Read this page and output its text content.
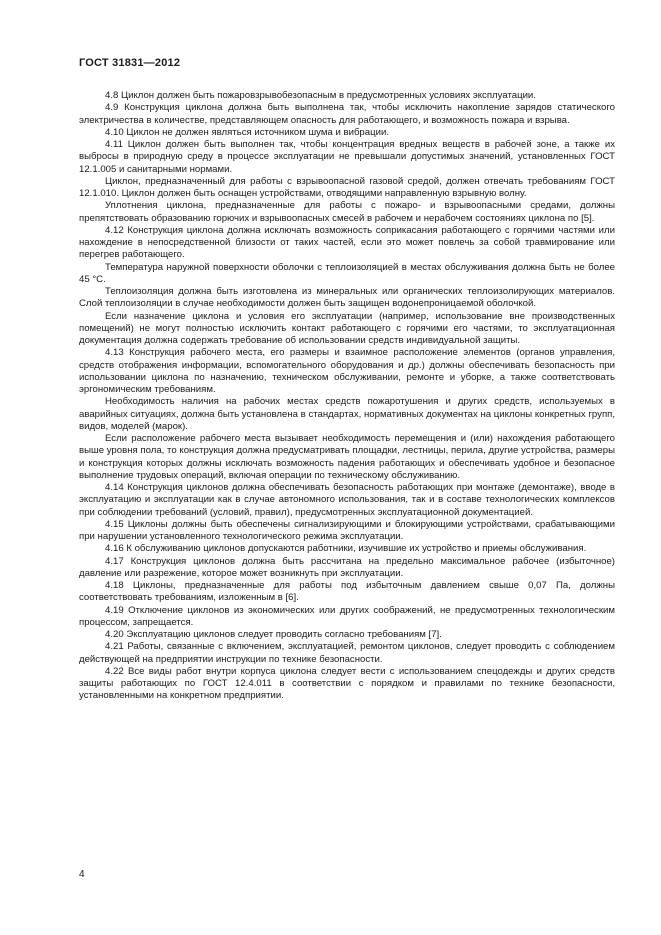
ГОСТ 31831—2012

4.8 Циклон должен быть пожаровзрывобезопасным в предусмотренных условиях эксплуатации.

4.9 Конструкция циклона должна быть выполнена так, чтобы исключить накопление зарядов статического электричества в количестве, представляющем опасность для работающего, и возможность пожара и взрыва.

4.10 Циклон не должен являться источником шума и вибрации.

4.11 Циклон должен быть выполнен так, чтобы концентрация вредных веществ в рабочей зоне, а также их выбросы в природную среду в процессе эксплуатации не превышали допустимых значений, установленных ГОСТ 12.1.005 и санитарными нормами.

Циклон, предназначенный для работы с взрывоопасной газовой средой, должен отвечать требованиям ГОСТ 12.1.010. Циклон должен быть оснащен устройствами, отводящими направленную взрывную волну.

Уплотнения циклона, предназначенные для работы с пожаро- и взрывоопасными средами, должны препятствовать образованию горючих и взрывоопасных смесей в рабочем и нерабочем состояниях циклона по [5].

4.12 Конструкция циклона должна исключать возможность соприкасания работающего с горячими частями или нахождение в непосредственной близости от таких частей, если это может повлечь за собой травмирование или перегрев работающего.

Температура наружной поверхности оболочки с теплоизоляцией в местах обслуживания должна быть не более 45 °С.

Теплоизоляция должна быть изготовлена из минеральных или органических теплоизолирующих материалов. Слой теплоизоляции в случае необходимости должен быть защищен водонепроницаемой оболочкой.

Если назначение циклона и условия его эксплуатации (например, использование вне производственных помещений) не могут полностью исключить контакт работающего с горячими его частями, то эксплуатационная документация должна содержать требование об использовании средств индивидуальной защиты.

4.13 Конструкция рабочего места, его размеры и взаимное расположение элементов (органов управления, средств отображения информации, вспомогательного оборудования и др.) должны обеспечивать безопасность при использовании циклона по назначению, техническом обслуживании, ремонте и уборке, а также соответствовать эргономическим требованиям.

Необходимость наличия на рабочих местах средств пожаротушения и других средств, используемых в аварийных ситуациях, должна быть установлена в стандартах, нормативных документах на циклоны конкретных групп, видов, моделей (марок).

Если расположение рабочего места вызывает необходимость перемещения и (или) нахождения работающего выше уровня пола, то конструкция должна предусматривать площадки, лестницы, перила, другие устройства, размеры и конструкция которых должны исключать возможность падения работающих и обеспечивать удобное и безопасное выполнение трудовых операций, включая операции по техническому обслуживанию.

4.14 Конструкция циклонов должна обеспечивать безопасность работающих при монтаже (демонтаже), вводе в эксплуатацию и эксплуатации как в случае автономного использования, так и в составе технологических комплексов при соблюдении требований (условий, правил), предусмотренных эксплуатационной документацией.

4.15 Циклоны должны быть обеспечены сигнализирующими и блокирующими устройствами, срабатывающими при нарушении установленного технологического режима эксплуатации.

4.16 К обслуживанию циклонов допускаются работники, изучившие их устройство и приемы обслуживания.

4.17 Конструкция циклонов должна быть рассчитана на предельно максимальное рабочее (избыточное) давление или разрежение, которое может возникнуть при эксплуатации.

4.18 Циклоны, предназначенные для работы под избыточным давлением свыше 0,07 Па, должны соответствовать требованиям, изложенным в [6].

4.19 Отключение циклонов из экономических или других соображений, не предусмотренных технологическим процессом, запрещается.

4.20 Эксплуатацию циклонов следует проводить согласно требованиям [7].

4.21 Работы, связанные с включением, эксплуатацией, ремонтом циклонов, следует проводить с соблюдением действующей на предприятии инструкции по технике безопасности.

4.22 Все виды работ внутри корпуса циклона следует вести с использованием спецодежды и других средств защиты работающих по ГОСТ 12.4.011 в соответствии с порядком и правилами по технике безопасности, установленными на конкретном предприятии.

4
